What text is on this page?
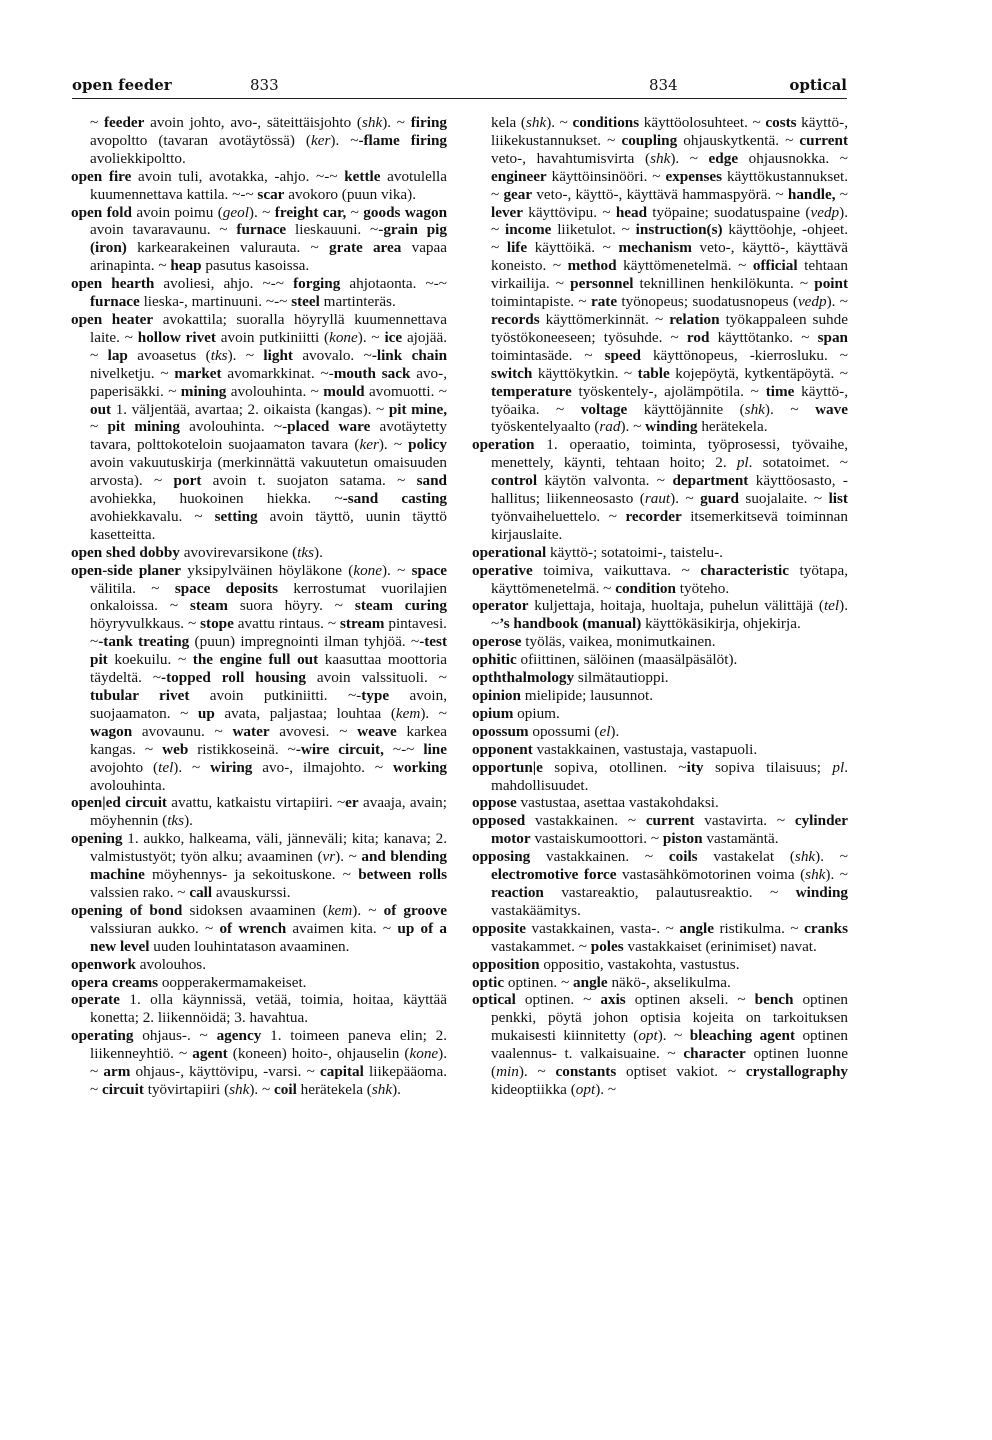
open feeder	833	834	optical

~ feeder avoin johto, avo-, säteittäisjohto (shk). ~ firing avopoltto (tavaran avotäytössä) (ker). ~-flame firing avoliekkipoltto.

open fire avoin tuli, avotakka, -ahjo. ~-~ kettle avotulella kuumennettava kattila. ~-~ scar avokoro (puun vika).

open fold avoin poimu (geol). ~ freight car, ~ goods wagon avoin tavaravaunu. ~ furnace lieskauuni. ~-grain pig (iron) karkearakeinen valurauta. ~ grate area vapaa arinapinta. ~ heap pasutus kasoissa.

open hearth avoliesi, ahjo. ~-~ forging ahjotaonta. ~-~ furnace lieska-, martinuuni. ~-~ steel martinteräs.

open heater avokattila; suoralla höyryllä kuumennettava laite. ~ hollow rivet avoin putkiniitti (kone). ~ ice ajojää. ~ lap avoasetus (tks). ~ light avovalo. ~-link chain nivelketju. ~ market avomarkkinat. ~-mouth sack avo-, paperisäkki. ~ mining avolouhinta. ~ mould avomuotti. ~ out 1. väljentää, avartaa; 2. oikaista (kangas). ~ pit mine, ~ pit mining avolouhinta. ~-placed ware avotäytetty tavara, polttokoteloin suojaamaton tavara (ker). ~ policy avoin vakuutuskirja (merkinnättä vakuutetun omaisuuden arvosta). ~ port avoin t. suojaton satama. ~ sand avohiekka, huokoinen hiekka. ~-sand casting avohiekkavalu. ~ setting avoin täyttö, uunin täyttö kasetteitta.

open shed dobby avovirevarsikone (tks).

open-side planer yksipylväinen höyläkone (kone). ~ space välitila. ~ space deposits kerrostumat vuorilajien onkaloissa. ~ steam suora höyry. ~ steam curing höyryvulkkaus. ~ stope avattu rintaus. ~ stream pintavesi. ~-tank treating (puun) impregnointi ilman tyhjöä. ~-test pit koekuilu. ~ the engine full out kaasuttaa moottoria täydeltä. ~-topped roll housing avoin valssituoli. ~ tubular rivet avoin putkiniitti. ~-type avoin, suojaamaton. ~ up avata, paljastaa; louhtaa (kem). ~ wagon avovaunu. ~ water avovesi. ~ weave karkea kangas. ~ web ristikkoseinä. ~-wire circuit, ~-~ line avojohto (tel). ~ wiring avo-, ilmajohto. ~ working avolouhinta.

open|ed circuit avattu, katkaistu virtapiiri. ~er avaaja, avain; möyhennin (tks).

opening 1. aukko, halkeama, väli, jänneväli; kita; kanava; 2. valmistustyöt; työn alku; avaaminen (vr). ~ and blending machine möyhennys- ja sekoituskone. ~ between rolls valssien rako. ~ call avauskurssi.

opening of bond sidoksen avaaminen (kem). ~ of groove valssiuran aukko. ~ of wrench avaimen kita. ~ up of a new level uuden louhintatason avaaminen.

openwork avolouhos.

opera creams oopperakermamakeiset.

operate 1. olla käynnissä, vetää, toimia, hoitaa, käyttää konetta; 2. liikennöidä; 3. havahtua.

operating ohjaus-. ~ agency 1. toimeen paneva elin; 2. liikenneyhtiö. ~ agent (koneen) hoito-, ohjauselin (kone). ~ arm ohjaus-, käyttövipu, -varsi. ~ capital liikepääoma. ~ circuit työvirtapiiri (shk). ~ coil herätekela (shk).

kela (shk). ~ conditions käyttöolosuhteet. ~ costs käyttö-, liikekustannukset. ~ coupling ohjauskytkentä. ~ current veto-, havahtumisvirta (shk). ~ edge ohjausnokka. ~ engineer käyttöinsinööri. ~ expenses käyttökustannukset. ~ gear veto-, käyttö-, käyttävä hammaspyörä. ~ handle, ~ lever käyttövipu. ~ head työpaine; suodatuspaine (vedp). ~ income liiketulot. ~ instruction(s) käyttöohje, -ohjeet. ~ life käyttöikä. ~ mechanism veto-, käyttö-, käyttävä koneisto. ~ method käyttömenetelmä. ~ official tehtaan virkailija. ~ personnel teknillinen henkilökunta. ~ point toimintapiste. ~ rate työnopeus; suodatusnopeus (vedp). ~ records käyttömerkinnät. ~ relation työkappaleen suhde työstökoneeseen; työsuhde. ~ rod käyttötanko. ~ span toimintasäde. ~ speed käyttönopeus, -kierrosluku. ~ switch käyttökytkin. ~ table kojepöytä, kytkentäpöytä. ~ temperature työskentely-, ajolämpötila. ~ time käyttö-, työaika. ~ voltage käyttöjännite (shk). ~ wave työskentelyaalto (rad). ~ winding herätekela.

operation 1. operaatio, toiminta, työprosessi, työvaihe, menettely, käynti, tehtaan hoito; 2. pl. sotatoimet. ~ control käytön valvonta. ~ department käyttöosasto, -hallitus; liikenneosasto (raut). ~ guard suojalaite. ~ list työnvaiheluettelo. ~ recorder itsemerkitsevä toiminnan kirjauslaite.

operational käyttö-; sotatoimi-, taistelu-.

operative toimiva, vaikuttava. ~ characteristic työtapa, käyttömenetelmä. ~ condition työteho.

operator kuljettaja, hoitaja, huoltaja, puhelun välittäjä (tel). ~’s handbook (manual) käyttökäsikirja, ohjekirja.

operose työläs, vaikea, monimutkainen.

ophitic ofiittinen, sälöinen (maasälpäsälöt).

opththalmology silmätautioppi.

opinion mielipide; lausunnot.

opium opium.

opossum opossumi (el).

opponent vastakkainen, vastustaja, vastapuoli.

opportun|e sopiva, otollinen. ~ity sopiva tilaisuus; pl. mahdollisuudet.

oppose vastustaa, asettaa vastakohdaksi.

opposed vastakkainen. ~ current vastavirta. ~ cylinder motor vastaiskumoottori. ~ piston vastamäntä.

opposing vastakkainen. ~ coils vastakelat (shk). ~ electromotive force vastasähkömotorinen voima (shk). ~ reaction vastareaktio, palautusreaktio. ~ winding vastakäämitys.

opposite vastakkainen, vasta-. ~ angle ristikulma. ~ cranks vastakammet. ~ poles vastakkaiset (erinimiset) navat.

opposition oppositio, vastakohta, vastustus.

optic optinen. ~ angle näkö-, akselikulma.

optical optinen. ~ axis optinen akseli. ~ bench optinen penkki, pöytä johon optisia kojeita on tarkoituksen mukaisesti kiinnitetty (opt). ~ bleaching agent optinen vaalennus- t. valkaisuaine. ~ character optinen luonne (min). ~ constants optiset vakiot. ~ crystallography kideoptiikka (opt). ~
